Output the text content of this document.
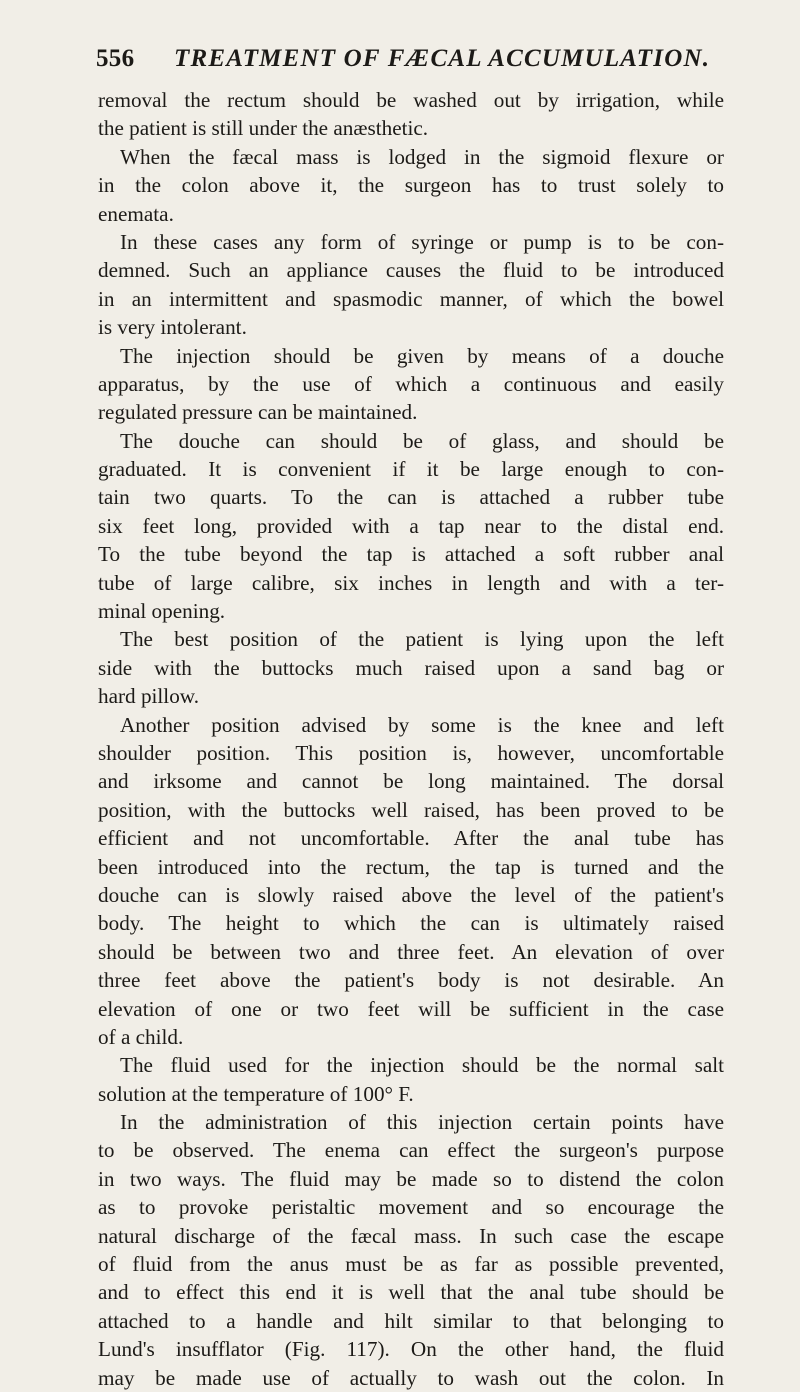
556 TREATMENT OF FÆCAL ACCUMULATION.
removal the rectum should be washed out by irrigation, while
the patient is still under the anæsthetic.
When the fæcal mass is lodged in the sigmoid flexure or
in the colon above it, the surgeon has to trust solely to
enemata.
In these cases any form of syringe or pump is to be con-
demned. Such an appliance causes the fluid to be introduced
in an intermittent and spasmodic manner, of which the bowel
is very intolerant.
The injection should be given by means of a douche
apparatus, by the use of which a continuous and easily
regulated pressure can be maintained.
The douche can should be of glass, and should be
graduated. It is convenient if it be large enough to con-
tain two quarts. To the can is attached a rubber tube
six feet long, provided with a tap near to the distal end.
To the tube beyond the tap is attached a soft rubber anal
tube of large calibre, six inches in length and with a ter-
minal opening.
The best position of the patient is lying upon the left
side with the buttocks much raised upon a sand bag or
hard pillow.
Another position advised by some is the knee and left
shoulder position. This position is, however, uncomfortable
and irksome and cannot be long maintained. The dorsal
position, with the buttocks well raised, has been proved to be
efficient and not uncomfortable. After the anal tube has
been introduced into the rectum, the tap is turned and the
douche can is slowly raised above the level of the patient's
body. The height to which the can is ultimately raised
should be between two and three feet. An elevation of over
three feet above the patient's body is not desirable. An
elevation of one or two feet will be sufficient in the case
of a child.
The fluid used for the injection should be the normal salt
solution at the temperature of 100° F.
In the administration of this injection certain points have
to be observed. The enema can effect the surgeon's purpose
in two ways. The fluid may be made so to distend the colon
as to provoke peristaltic movement and so encourage the
natural discharge of the fæcal mass. In such case the escape
of fluid from the anus must be as far as possible prevented,
and to effect this end it is well that the anal tube should be
attached to a handle and hilt similar to that belonging to
Lund's insufflator (Fig. 117). On the other hand, the fluid
may be made use of actually to wash out the colon. In
